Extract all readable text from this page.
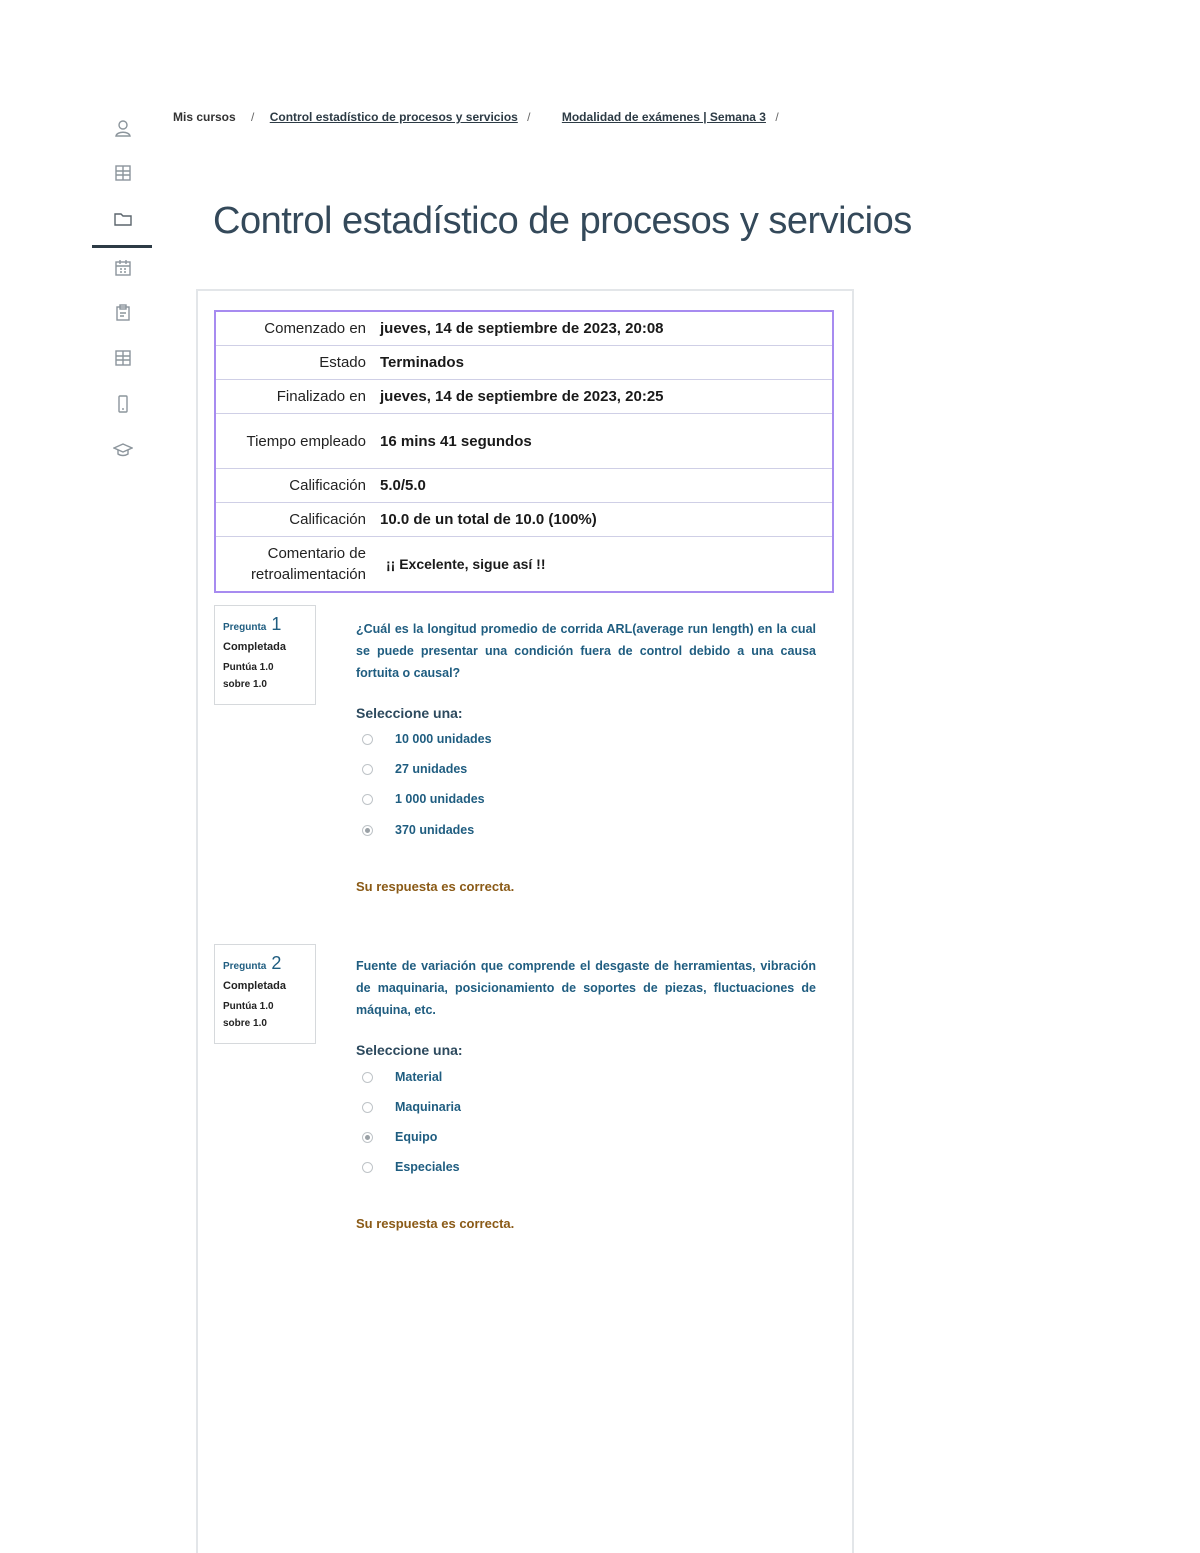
Mis cursos / Control estadístico de procesos y servicios /	Modalidad de exámenes | Semana 3 /
Control estadístico de procesos y servicios
Comenzado en	jueves, 14 de septiembre de 2023, 20:08
Estado	Terminados
Finalizado en	jueves, 14 de septiembre de 2023, 20:25
Tiempo empleado	16 mins 41 segundos
Calificación	5.0/5.0
Calificación	10.0 de un total de 10.0 (100%)
Comentario de retroalimentación	¡¡ Excelente, sigue así !!
Pregunta 1
Completada
Puntúa 1.0 sobre 1.0
¿Cuál es la longitud promedio de corrida ARL(average run length) en la cual se puede presentar una condición fuera de control debido a una causa fortuita o causal?
Seleccione una:
10 000 unidades
27 unidades
1 000 unidades
370 unidades
Su respuesta es correcta.
Pregunta 2
Completada
Puntúa 1.0 sobre 1.0
Fuente de variación que comprende el desgaste de herramientas, vibración de maquinaria, posicionamiento de soportes de piezas, fluctuaciones de máquina, etc.
Seleccione una:
Material
Maquinaria
Equipo
Especiales
Su respuesta es correcta.
